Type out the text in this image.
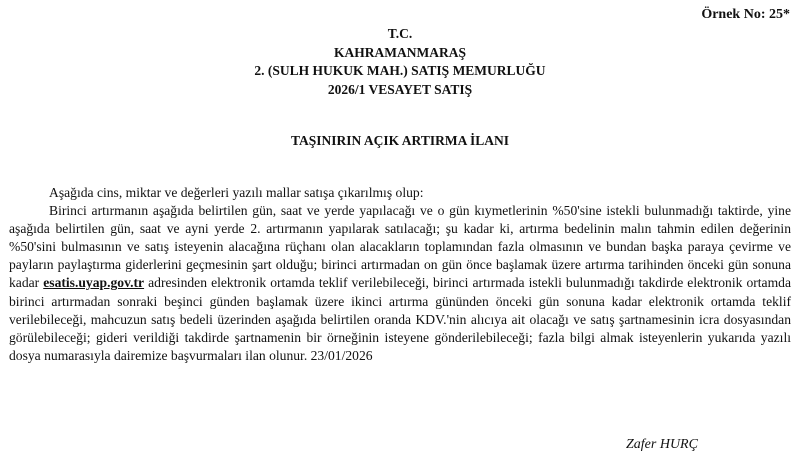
Örnek No: 25*
T.C.
KAHRAMANMARAŞ
2. (SULH HUKUK MAH.) SATIŞ MEMURLUĞU
2026/1 VESAYET SATIŞ
TAŞINIRIN AÇIK ARTIRMA İLANI

Aşağıda cins, miktar ve değerleri yazılı mallar satışa çıkarılmış olup:

Birinci artırmanın aşağıda belirtilen gün, saat ve yerde yapılacağı ve o gün kıymetlerinin %50'sine istekli bulunmadığı taktirde, yine aşağıda belirtilen gün, saat ve ayni yerde 2. artırmanın yapılarak satılacağı; şu kadar ki, artırma bedelinin malın tahmin edilen değerinin %50'sini bulmasının ve satış isteyenin alacağına rüçhanı olan alacakların toplamından fazla olmasının ve bundan başka paraya çevirme ve payların paylaştırma giderlerini geçmesinin şart olduğu; birinci artırmadan on gün önce başlamak üzere artırma tarihinden önceki gün sonuna kadar esatis.uyap.gov.tr adresinden elektronik ortamda teklif verilebileceği, birinci artırmada istekli bulunmadığı takdirde elektronik ortamda birinci artırmadan sonraki beşinci günden başlamak üzere ikinci artırma gününden önceki gün sonuna kadar elektronik ortamda teklif verilebileceği, mahcuzun satış bedeli üzerinden aşağıda belirtilen oranda KDV.'nin alıcıya ait olacağı ve satış şartnamesinin icra dosyasından görülebileceği; gideri verildiği takdirde şartnamenin bir örneğinin isteyene gönderilebileceği; fazla bilgi almak isteyenlerin yukarıda yazılı dosya numarasıyla dairemize başvurmaları ilan olunur. 23/01/2026

Zafer HURÇ
